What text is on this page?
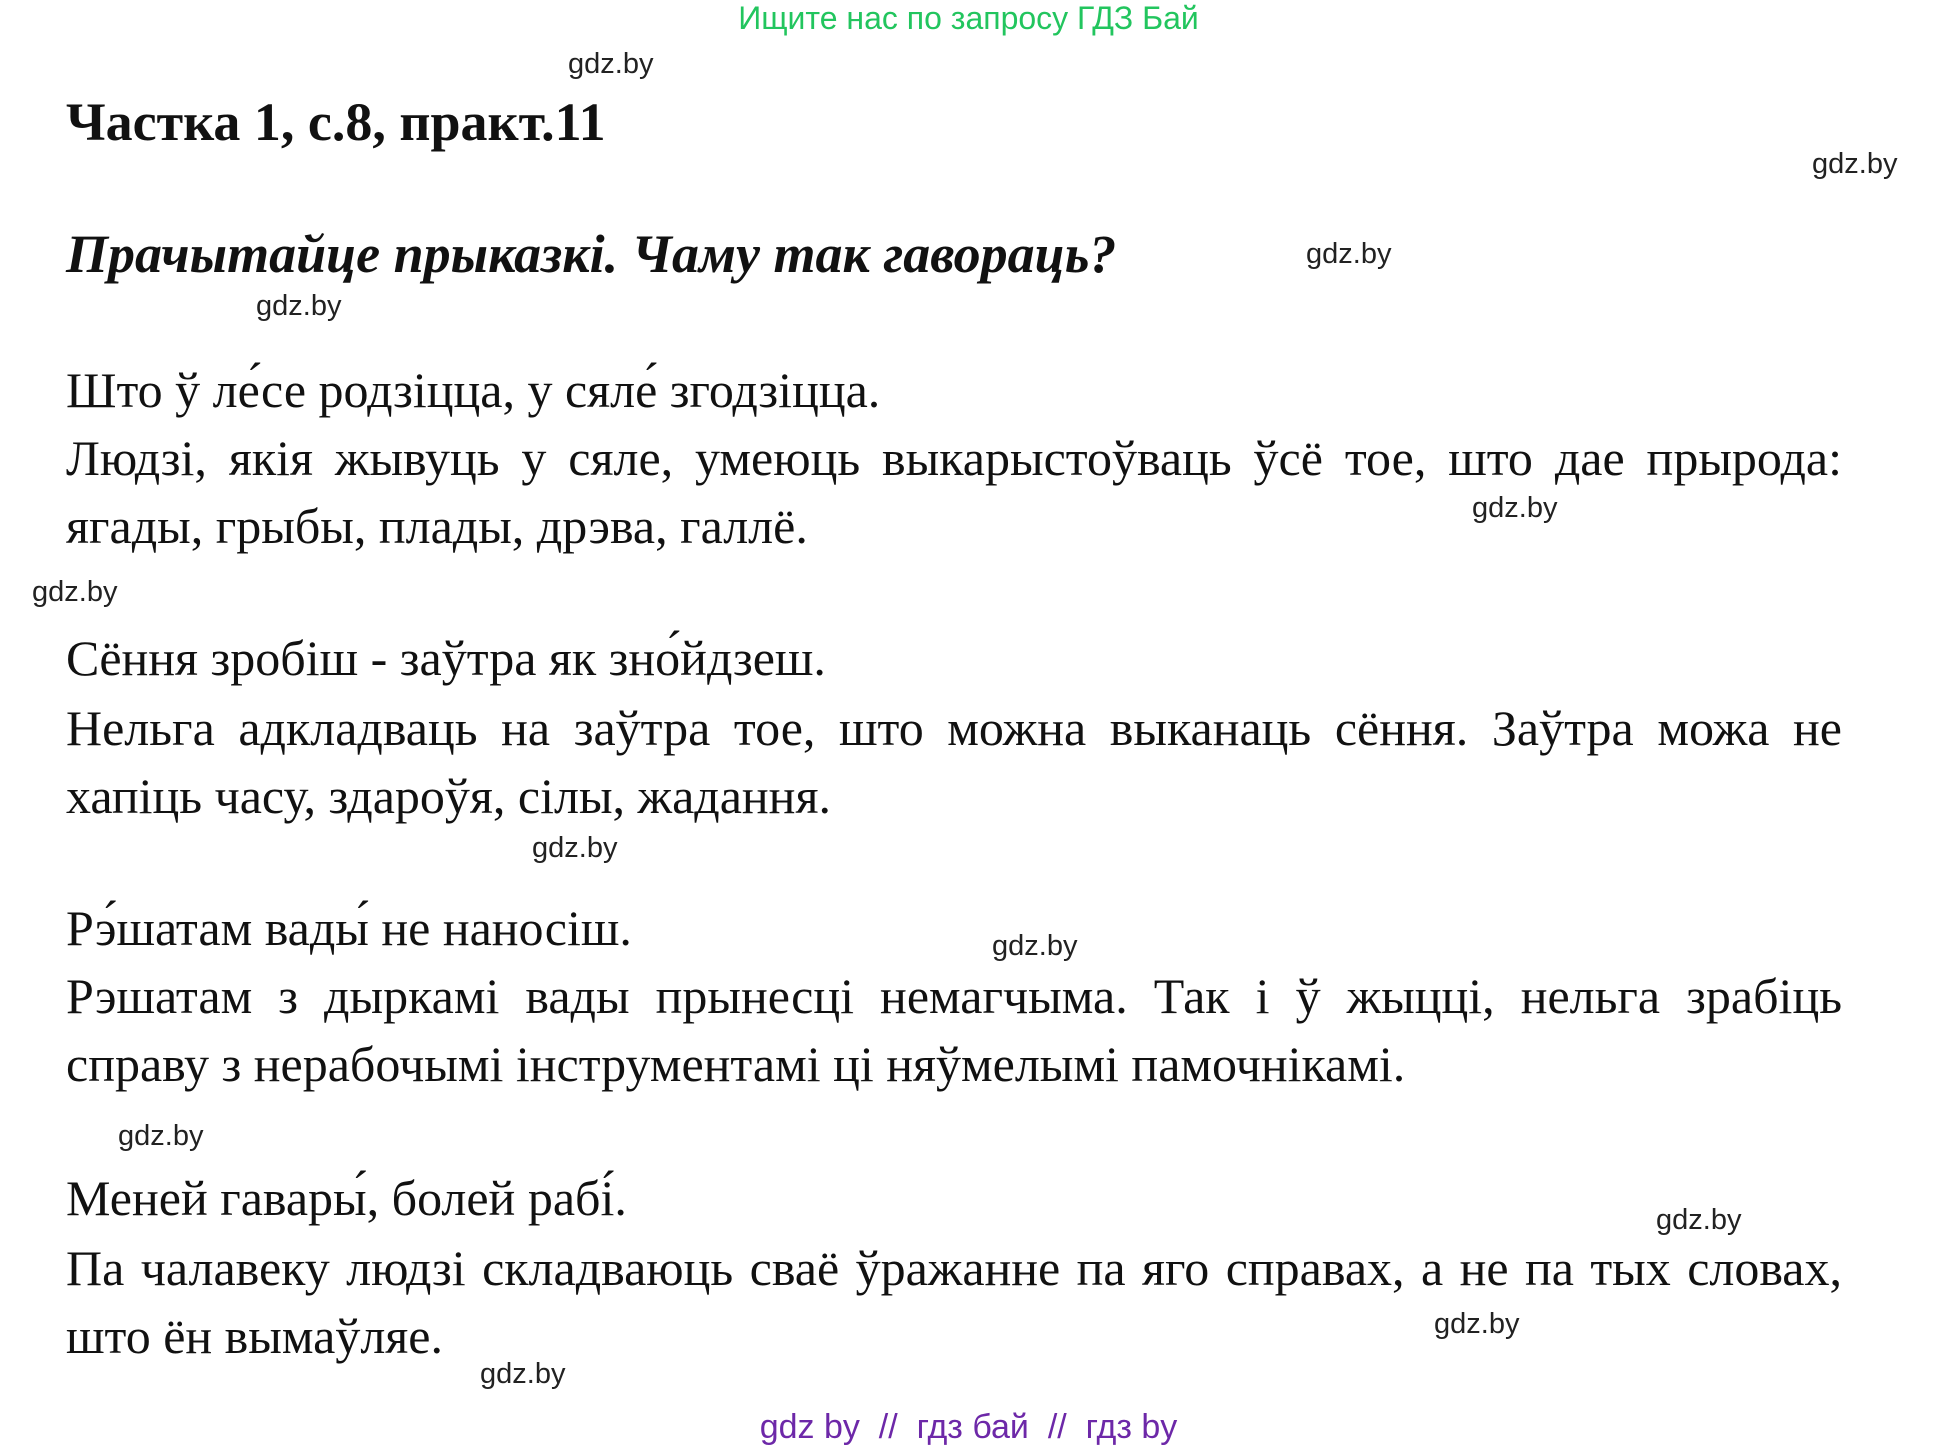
Ищите нас по запросу ГДЗ Бай
Частка 1, с.8, практ.11
Прачытайце прыказкі. Чаму так гавораць?
Што ў ле́се родзіцца, у сяле́ згодзіцца.
Людзі, якія жывуць у сяле, умеюць выкарыстоўваць ўсё тое, што дае прырода: ягады, грыбы, плады, дрэва, галлё.
Сёння зробіш - заўтра як зно́йдзеш.
Нельга адкладваць на заўтра тое, што можна выканаць сёння. Заўтра можа не хапіць часу, здароўя, сілы, жадання.
Рэ́шатам вады́ не наносіш.
Рэшатам з дыркамі вады прынесці немагчыма. Так і ў жыцці, нельга зрабіць справу з нерабочымі інструментамі ці няўмелымі памочнікамі.
Меней гавары́, болей рабі́.
Па чалавеку людзі складваюць сваё ўражанне па яго справах, а не па тых словах, што ён вымаўляе.
gdz.by
gdz.by
gdz.by
gdz.by
gdz.by
gdz.by
gdz.by
gdz.by
gdz.by
gdz.by
gdz.by
gdz.by
gdz by  //  гдз бай  //  гдз by
